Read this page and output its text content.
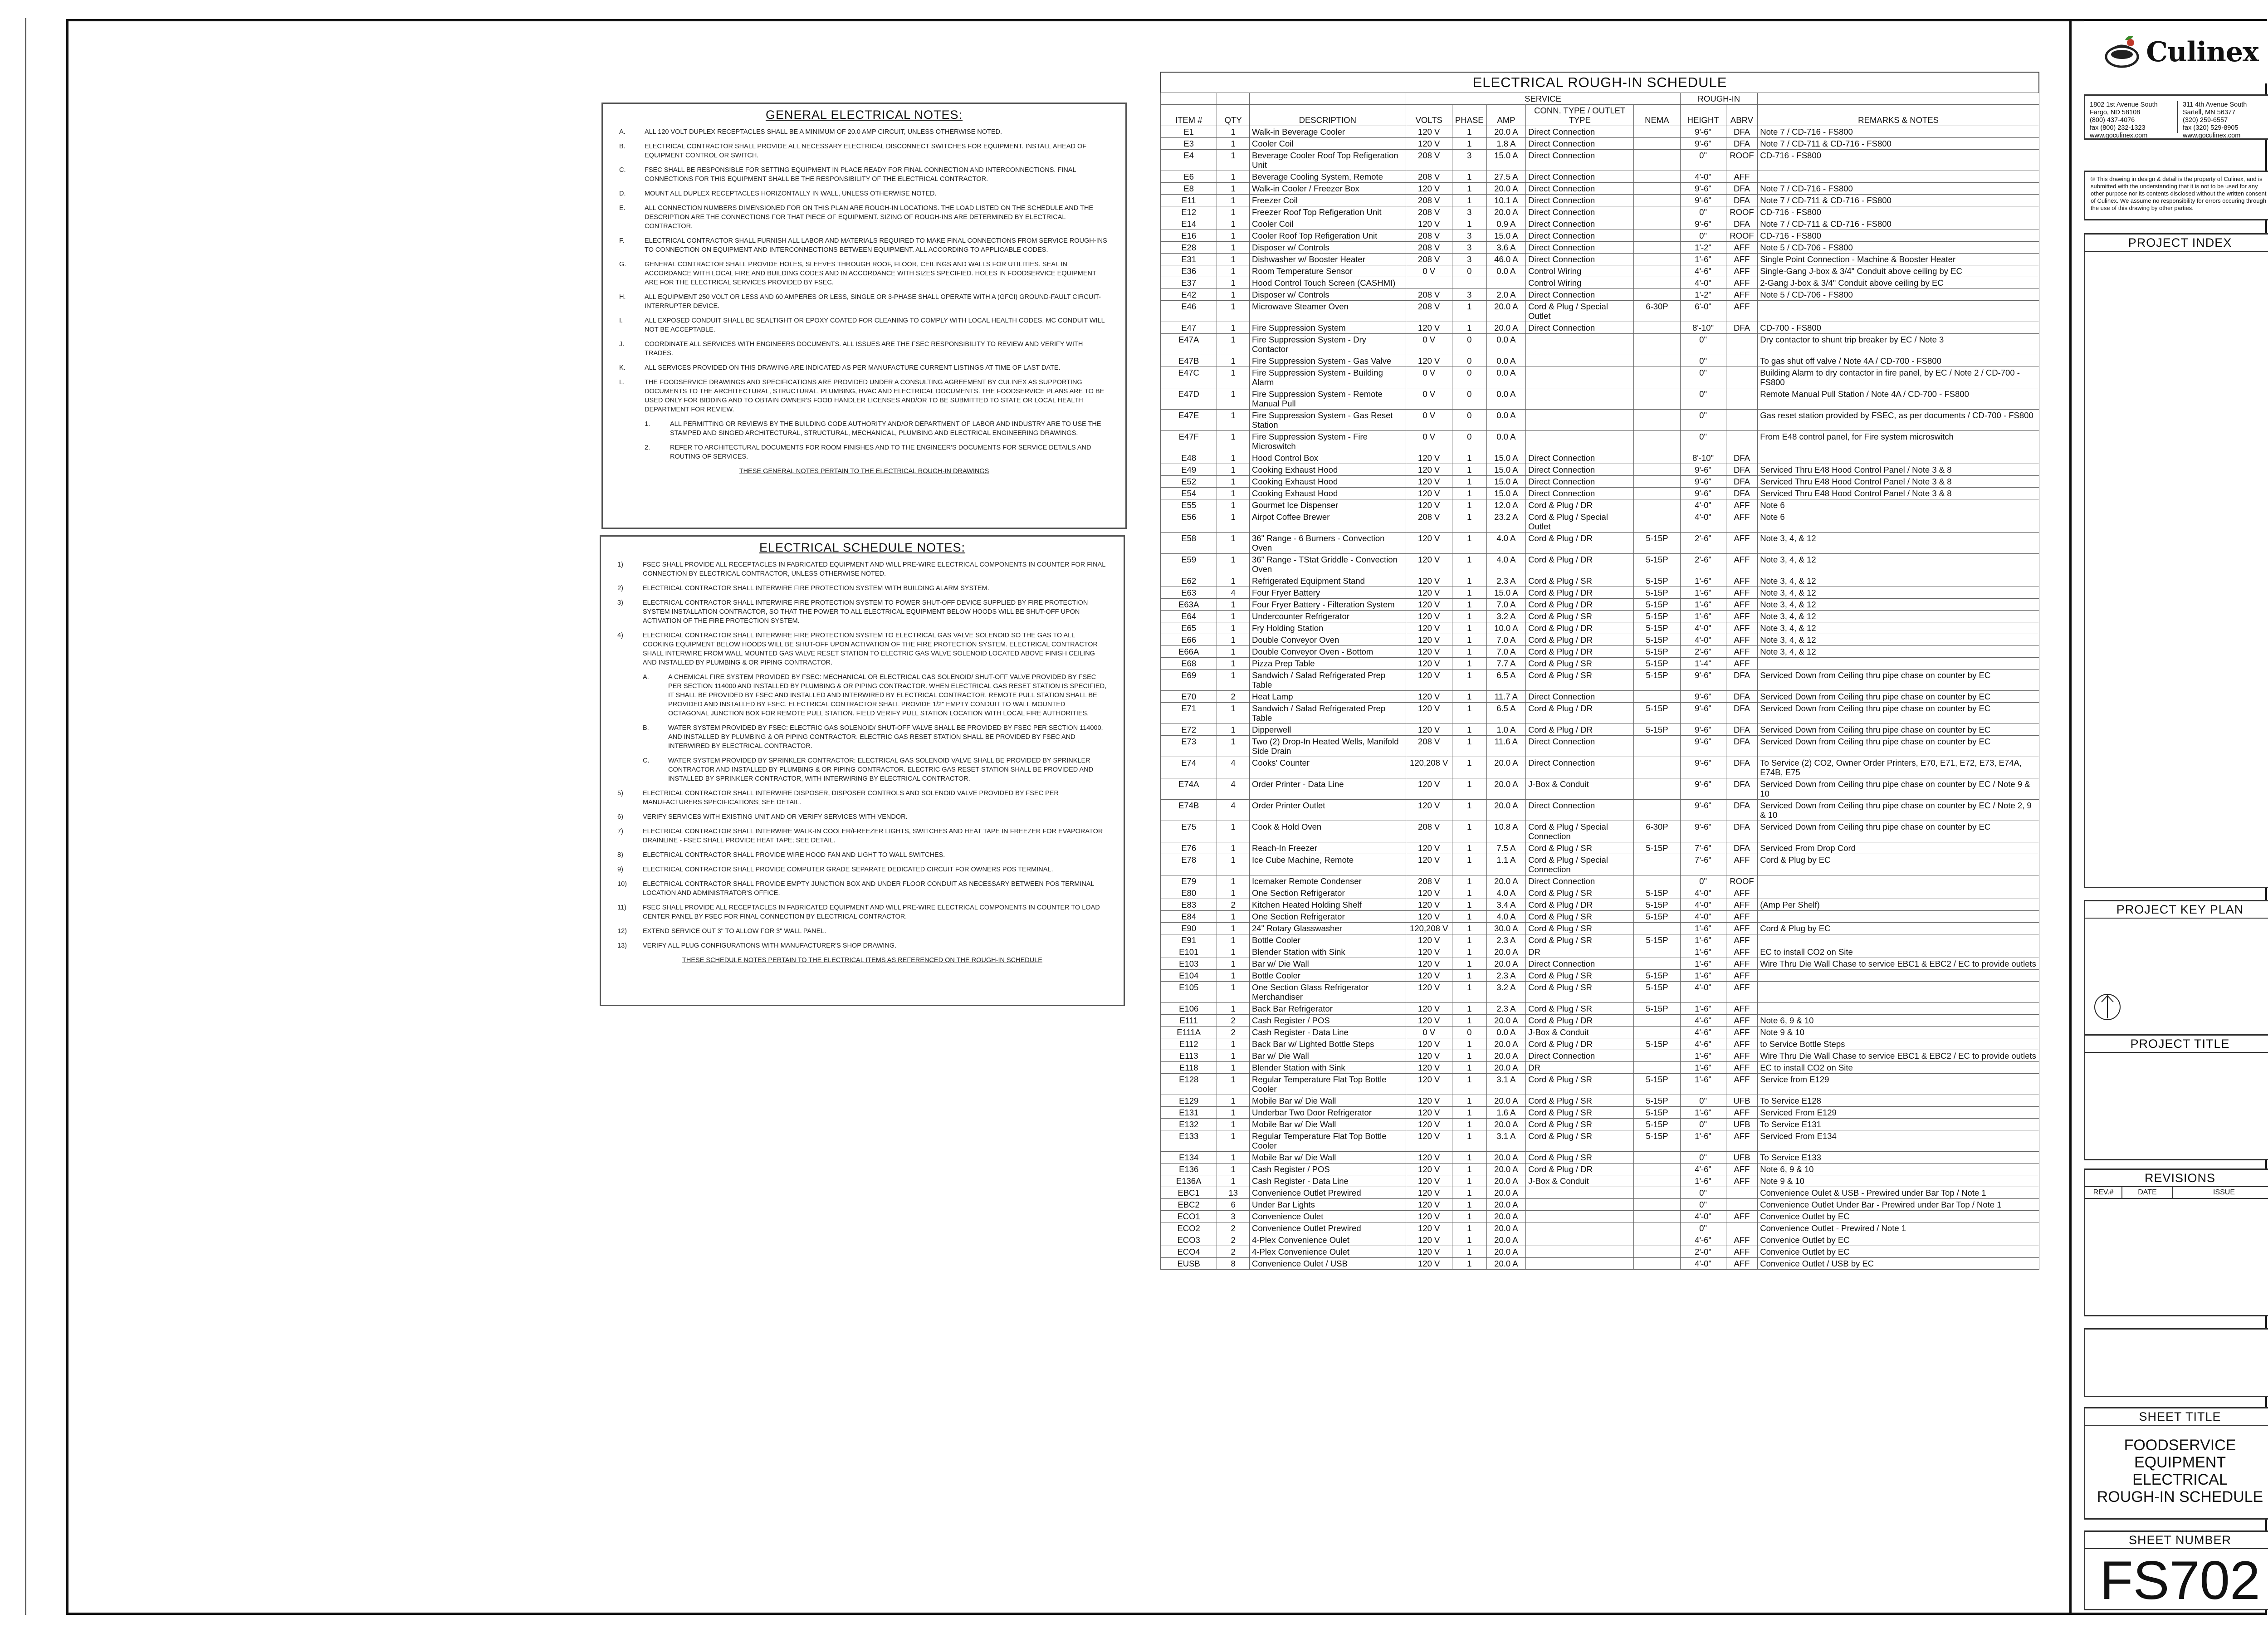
GENERAL ELECTRICAL NOTES:
A.	ALL 120 VOLT DUPLEX RECEPTACLES SHALL BE A MINIMUM OF 20.0 AMP CIRCUIT, UNLESS OTHERWISE NOTED.
B.	ELECTRICAL CONTRACTOR SHALL PROVIDE ALL NECESSARY ELECTRICAL DISCONNECT SWITCHES FOR EQUIPMENT. INSTALL AHEAD OF EQUIPMENT CONTROL OR SWITCH.
C.	FSEC SHALL BE RESPONSIBLE FOR SETTING EQUIPMENT IN PLACE READY FOR FINAL CONNECTION AND INTERCONNECTIONS. FINAL CONNECTIONS FOR THIS EQUIPMENT SHALL BE THE RESPONSIBILITY OF THE ELECTRICAL CONTRACTOR.
D.	MOUNT ALL DUPLEX RECEPTACLES HORIZONTALLY IN WALL, UNLESS OTHERWISE NOTED.
E.	ALL CONNECTION NUMBERS DIMENSIONED FOR ON THIS PLAN ARE ROUGH-IN LOCATIONS. THE LOAD LISTED ON THE SCHEDULE AND THE DESCRIPTION ARE THE CONNECTIONS FOR THAT PIECE OF EQUIPMENT. SIZING OF ROUGH-INS ARE DETERMINED BY ELECTRICAL CONTRACTOR.
F.	ELECTRICAL CONTRACTOR SHALL FURNISH ALL LABOR AND MATERIALS REQUIRED TO MAKE FINAL CONNECTIONS FROM SERVICE ROUGH-INS TO CONNECTION ON EQUIPMENT AND INTERCONNECTIONS BETWEEN EQUIPMENT. ALL ACCORDING TO APPLICABLE CODES.
G.	GENERAL CONTRACTOR SHALL PROVIDE HOLES, SLEEVES THROUGH ROOF, FLOOR, CEILINGS AND WALLS FOR UTILITIES. SEAL IN ACCORDANCE WITH LOCAL FIRE AND BUILDING CODES AND IN ACCORDANCE WITH SIZES SPECIFIED. HOLES IN FOODSERVICE EQUIPMENT ARE FOR THE ELECTRICAL SERVICES PROVIDED BY FSEC.
H.	ALL EQUIPMENT 250 VOLT OR LESS AND 60 AMPERES OR LESS, SINGLE OR 3-PHASE SHALL OPERATE WITH A (GFCI) GROUND-FAULT CIRCUIT-INTERRUPTER DEVICE.
I.	ALL EXPOSED CONDUIT SHALL BE SEALTIGHT OR EPOXY COATED FOR CLEANING TO COMPLY WITH LOCAL HEALTH CODES. MC CONDUIT WILL NOT BE ACCEPTABLE.
J.	COORDINATE ALL SERVICES WITH ENGINEERS DOCUMENTS. ALL ISSUES ARE THE FSEC RESPONSIBILITY TO REVIEW AND VERIFY WITH TRADES.
K.	ALL SERVICES PROVIDED ON THIS DRAWING ARE INDICATED AS PER MANUFACTURE CURRENT LISTINGS AT TIME OF LAST DATE.
L.	THE FOODSERVICE DRAWINGS AND SPECIFICATIONS ARE PROVIDED UNDER A CONSULTING AGREEMENT BY CULINEX AS SUPPORTING DOCUMENTS TO THE ARCHITECTURAL, STRUCTURAL, PLUMBING, HVAC AND ELECTRICAL DOCUMENTS. THE FOODSERVICE PLANS ARE TO BE USED ONLY FOR BIDDING AND TO OBTAIN OWNER'S FOOD HANDLER LICENSES AND/OR TO BE SUBMITTED TO STATE OR LOCAL HEALTH DEPARTMENT FOR REVIEW.
1.	ALL PERMITTING OR REVIEWS BY THE BUILDING CODE AUTHORITY AND/OR DEPARTMENT OF LABOR AND INDUSTRY ARE TO USE THE STAMPED AND SINGED ARCHITECTURAL, STRUCTURAL, MECHANICAL, PLUMBING AND ELECTRICAL ENGINEERING DRAWINGS.
2.	REFER TO ARCHITECTURAL DOCUMENTS FOR ROOM FINISHES AND TO THE ENGINEER'S DOCUMENTS FOR SERVICE DETAILS AND ROUTING OF SERVICES.
THESE GENERAL NOTES PERTAIN TO THE ELECTRICAL ROUGH-IN DRAWINGS
ELECTRICAL SCHEDULE NOTES:
1)	FSEC SHALL PROVIDE ALL RECEPTACLES IN FABRICATED EQUIPMENT AND WILL PRE-WIRE ELECTRICAL COMPONENTS IN COUNTER FOR FINAL CONNECTION BY ELECTRICAL CONTRACTOR, UNLESS OTHERWISE NOTED.
2)	ELECTRICAL CONTRACTOR SHALL INTERWIRE FIRE PROTECTION SYSTEM WITH BUILDING ALARM SYSTEM.
3)	ELECTRICAL CONTRACTOR SHALL INTERWIRE FIRE PROTECTION SYSTEM TO POWER SHUT-OFF DEVICE SUPPLIED BY FIRE PROTECTION SYSTEM INSTALLATION CONTRACTOR, SO THAT THE POWER TO ALL ELECTRICAL EQUIPMENT BELOW HOODS WILL BE SHUT-OFF UPON ACTIVATION OF THE FIRE PROTECTION SYSTEM.
4)	ELECTRICAL CONTRACTOR SHALL INTERWIRE FIRE PROTECTION SYSTEM TO ELECTRICAL GAS VALVE SOLENOID SO THE GAS TO ALL COOKING EQUIPMENT BELOW HOODS WILL BE SHUT-OFF UPON ACTIVATION OF THE FIRE PROTECTION SYSTEM. ELECTRICAL CONTRACTOR SHALL INTERWIRE FROM WALL MOUNTED GAS VALVE RESET STATION TO ELECTRIC GAS VALVE SOLENOID LOCATED ABOVE FINISH CEILING AND INSTALLED BY PLUMBING & OR PIPING CONTRACTOR.
A.	A CHEMICAL FIRE SYSTEM PROVIDED BY FSEC: MECHANICAL OR ELECTRICAL GAS SOLENOID/ SHUT-OFF VALVE PROVIDED BY FSEC PER SECTION 114000 AND INSTALLED BY PLUMBING & OR PIPING CONTRACTOR. WHEN ELECTRICAL GAS RESET STATION IS SPECIFIED, IT SHALL BE PROVIDED BY FSEC AND INSTALLED AND INTERWIRED BY ELECTRICAL CONTRACTOR. REMOTE PULL STATION SHALL BE PROVIDED AND INSTALLED BY FSEC. ELECTRICAL CONTRACTOR SHALL PROVIDE 1/2" EMPTY CONDUIT TO WALL MOUNTED OCTAGONAL JUNCTION BOX FOR REMOTE PULL STATION. FIELD VERIFY PULL STATION LOCATION WITH LOCAL FIRE AUTHORITIES.
B.	WATER SYSTEM PROVIDED BY FSEC: ELECTRIC GAS SOLENOID/ SHUT-OFF VALVE SHALL BE PROVIDED BY FSEC PER SECTION 114000, AND INSTALLED BY PLUMBING & OR PIPING CONTRACTOR. ELECTRIC GAS RESET STATION SHALL BE PROVIDED BY FSEC AND INTERWIRED BY ELECTRICAL CONTRACTOR.
C.	WATER SYSTEM PROVIDED BY SPRINKLER CONTRACTOR: ELECTRICAL GAS SOLENOID VALVE SHALL BE PROVIDED BY SPRINKLER CONTRACTOR AND INSTALLED BY PLUMBING & OR PIPING CONTRACTOR. ELECTRIC GAS RESET STATION SHALL BE PROVIDED AND INSTALLED BY SPRINKLER CONTRACTOR, WITH INTERWIRING BY ELECTRICAL CONTRACTOR.
5)	ELECTRICAL CONTRACTOR SHALL INTERWIRE DISPOSER, DISPOSER CONTROLS AND SOLENOID VALVE PROVIDED BY FSEC PER MANUFACTURERS SPECIFICATIONS; SEE DETAIL.
6)	VERIFY SERVICES WITH EXISTING UNIT AND OR VERIFY SERVICES WITH VENDOR.
7)	ELECTRICAL CONTRACTOR SHALL INTERWIRE WALK-IN COOLER/FREEZER LIGHTS, SWITCHES AND HEAT TAPE IN FREEZER FOR EVAPORATOR DRAINLINE - FSEC SHALL PROVIDE HEAT TAPE; SEE DETAIL.
8)	ELECTRICAL CONTRACTOR SHALL PROVIDE WIRE HOOD FAN AND LIGHT TO WALL SWITCHES.
9)	ELECTRICAL CONTRACTOR SHALL PROVIDE COMPUTER GRADE SEPARATE DEDICATED CIRCUIT FOR OWNERS POS TERMINAL.
10)	ELECTRICAL CONTRACTOR SHALL PROVIDE EMPTY JUNCTION BOX AND UNDER FLOOR CONDUIT AS NECESSARY BETWEEN POS TERMINAL LOCATION AND ADMINISTRATOR'S OFFICE.
11)	FSEC SHALL PROVIDE ALL RECEPTACLES IN FABRICATED EQUIPMENT AND WILL PRE-WIRE ELECTRICAL COMPONENTS IN COUNTER TO LOAD CENTER PANEL BY FSEC FOR FINAL CONNECTION BY ELECTRICAL CONTRACTOR.
12)	EXTEND SERVICE OUT 3" TO ALLOW FOR 3" WALL PANEL.
13)	VERIFY ALL PLUG CONFIGURATIONS WITH MANUFACTURER'S SHOP DRAWING.
THESE SCHEDULE NOTES PERTAIN TO THE ELECTRICAL ITEMS AS REFERENCED ON THE ROUGH-IN SCHEDULE
ELECTRICAL ROUGH-IN SCHEDULE
			SERVICE					ROUGH-IN		
ITEM #	QTY	DESCRIPTION	VOLTS	PHASE	AMP	CONN. TYPE / OUTLET TYPE	NEMA	HEIGHT	ABRV	REMARKS & NOTES
E1	1	Walk-in Beverage Cooler	120 V	1	20.0 A	Direct Connection		9'-6"	DFA	Note 7 / CD-716 - FS800
E3	1	Cooler Coil	120 V	1	1.8 A	Direct Connection		9'-6"	DFA	Note 7 / CD-711 & CD-716 - FS800
E4	1	Beverage Cooler Roof Top Refigeration Unit	208 V	3	15.0 A	Direct Connection		0"	ROOF	CD-716 - FS800
E6	1	Beverage Cooling System, Remote	208 V	1	27.5 A	Direct Connection		4'-0"	AFF	
E8	1	Walk-in Cooler / Freezer Box	120 V	1	20.0 A	Direct Connection		9'-6"	DFA	Note 7 / CD-716 - FS800
E11	1	Freezer Coil	208 V	1	10.1 A	Direct Connection		9'-6"	DFA	Note 7 / CD-711 & CD-716 - FS800
E12	1	Freezer Roof Top Refigeration Unit	208 V	3	20.0 A	Direct Connection		0"	ROOF	CD-716 - FS800
E14	1	Cooler Coil	120 V	1	0.9 A	Direct Connection		9'-6"	DFA	Note 7 / CD-711 & CD-716 - FS800
E16	1	Cooler Roof Top Refigeration Unit	208 V	3	15.0 A	Direct Connection		0"	ROOF	CD-716 - FS800
E28	1	Disposer w/ Controls	208 V	3	3.6 A	Direct Connection		1'-2"	AFF	Note 5 / CD-706 - FS800
E31	1	Dishwasher w/ Booster Heater	208 V	3	46.0 A	Direct Connection		1'-6"	AFF	Single Point Connection - Machine & Booster Heater
E36	1	Room Temperature Sensor	0 V	0	0.0 A	Control Wiring		4'-6"	AFF	Single-Gang J-box & 3/4" Conduit above ceiling by EC
E37	1	Hood Control Touch Screen (CASHMI)				Control Wiring		4'-0"	AFF	2-Gang J-box & 3/4" Conduit above ceiling by EC
E42	1	Disposer w/ Controls	208 V	3	2.0 A	Direct Connection		1'-2"	AFF	Note 5 / CD-706 - FS800
E46	1	Microwave Steamer Oven	208 V	1	20.0 A	Cord & Plug / Special Outlet	6-30P	6'-0"	AFF	
E47	1	Fire Suppression System	120 V	1	20.0 A	Direct Connection		8'-10"	DFA	CD-700 - FS800
E47A	1	Fire Suppression System - Dry Contactor	0 V	0	0.0 A			0"		Dry contactor to shunt trip breaker by EC / Note 3
E47B	1	Fire Suppression System - Gas Valve	120 V	0	0.0 A			0"		To gas shut off valve / Note 4A / CD-700 - FS800
E47C	1	Fire Suppression System - Building Alarm	0 V	0	0.0 A			0"		Building Alarm to dry contactor in fire panel, by EC / Note 2 / CD-700 - FS800
E47D	1	Fire Suppression System - Remote Manual Pull	0 V	0	0.0 A			0"		Remote Manual Pull Station / Note 4A / CD-700 - FS800
E47E	1	Fire Suppression System - Gas Reset Station	0 V	0	0.0 A			0"		Gas reset station provided by FSEC, as per documents / CD-700 - FS800
E47F	1	Fire Suppression System - Fire Microswitch	0 V	0	0.0 A			0"		From E48 control panel, for Fire system microswitch
E48	1	Hood Control Box	120 V	1	15.0 A	Direct Connection		8'-10"	DFA	
E49	1	Cooking Exhaust Hood	120 V	1	15.0 A	Direct Connection		9'-6"	DFA	Serviced Thru E48 Hood Control Panel / Note 3 & 8
E52	1	Cooking Exhaust Hood	120 V	1	15.0 A	Direct Connection		9'-6"	DFA	Serviced Thru E48 Hood Control Panel / Note 3 & 8
E54	1	Cooking Exhaust Hood	120 V	1	15.0 A	Direct Connection		9'-6"	DFA	Serviced Thru E48 Hood Control Panel / Note 3 & 8
E55	1	Gourmet Ice Dispenser	120 V	1	12.0 A	Cord & Plug / DR		4'-0"	AFF	Note 6
E56	1	Airpot Coffee Brewer	208 V	1	23.2 A	Cord & Plug / Special Outlet		4'-0"	AFF	Note 6
E58	1	36" Range - 6 Burners - Convection Oven	120 V	1	4.0 A	Cord & Plug / DR	5-15P	2'-6"	AFF	Note 3, 4, & 12
E59	1	36" Range - TStat Griddle - Convection Oven	120 V	1	4.0 A	Cord & Plug / DR	5-15P	2'-6"	AFF	Note 3, 4, & 12
E62	1	Refrigerated Equipment Stand	120 V	1	2.3 A	Cord & Plug / SR	5-15P	1'-6"	AFF	Note 3, 4, & 12
E63	4	Four Fryer Battery	120 V	1	15.0 A	Cord & Plug / DR	5-15P	1'-6"	AFF	Note 3, 4, & 12
E63A	1	Four Fryer Battery - Filteration System	120 V	1	7.0 A	Cord & Plug / DR	5-15P	1'-6"	AFF	Note 3, 4, & 12
E64	1	Undercounter Refrigerator	120 V	1	3.2 A	Cord & Plug / SR	5-15P	1'-6"	AFF	Note 3, 4, & 12
E65	1	Fry Holding Station	120 V	1	10.0 A	Cord & Plug / DR	5-15P	4'-0"	AFF	Note 3, 4, & 12
E66	1	Double Conveyor Oven	120 V	1	7.0 A	Cord & Plug / DR	5-15P	4'-0"	AFF	Note 3, 4, & 12
E66A	1	Double Conveyor Oven - Bottom	120 V	1	7.0 A	Cord & Plug / DR	5-15P	2'-6"	AFF	Note 3, 4, & 12
E68	1	Pizza Prep Table	120 V	1	7.7 A	Cord & Plug / SR	5-15P	1'-4"	AFF	
E69	1	Sandwich / Salad Refrigerated Prep Table	120 V	1	6.5 A	Cord & Plug / SR	5-15P	9'-6"	DFA	Serviced Down from Ceiling thru pipe chase on counter by EC
E70	2	Heat Lamp	120 V	1	11.7 A	Direct Connection		9'-6"	DFA	Serviced Down from Ceiling thru pipe chase on counter by EC
E71	1	Sandwich / Salad Refrigerated Prep Table	120 V	1	6.5 A	Cord & Plug / DR	5-15P	9'-6"	DFA	Serviced Down from Ceiling thru pipe chase on counter by EC
E72	1	Dipperwell	120 V	1	1.0 A	Cord & Plug / DR	5-15P	9'-6"	DFA	Serviced Down from Ceiling thru pipe chase on counter by EC
E73	1	Two (2) Drop-In Heated Wells, Manifold Side Drain	208 V	1	11.6 A	Direct Connection		9'-6"	DFA	Serviced Down from Ceiling thru pipe chase on counter by EC
E74	4	Cooks' Counter	120,208 V	1	20.0 A	Direct Connection		9'-6"	DFA	To Service (2) CO2, Owner Order Printers, E70, E71, E72, E73, E74A, E74B, E75
E74A	4	Order Printer - Data Line	120 V	1	20.0 A	J-Box & Conduit		9'-6"	DFA	Serviced Down from Ceiling thru pipe chase on counter by EC / Note 9 & 10
E74B	4	Order Printer Outlet	120 V	1	20.0 A	Direct Connection		9'-6"	DFA	Serviced Down from Ceiling thru pipe chase on counter by EC / Note 2, 9 & 10
E75	1	Cook & Hold Oven	208 V	1	10.8 A	Cord & Plug / Special Connection	6-30P	9'-6"	DFA	Serviced Down from Ceiling thru pipe chase on counter by EC
E76	1	Reach-In Freezer	120 V	1	7.5 A	Cord & Plug / SR	5-15P	7'-6"	DFA	Serviced From Drop Cord
E78	1	Ice Cube Machine, Remote	120 V	1	1.1 A	Cord & Plug / Special Connection		7'-6"	AFF	Cord & Plug by EC
E79	1	Icemaker Remote Condenser	208 V	1	20.0 A	Direct Connection		0"	ROOF	
E80	1	One Section Refrigerator	120 V	1	4.0 A	Cord & Plug / SR	5-15P	4'-0"	AFF	
E83	2	Kitchen Heated Holding Shelf	120 V	1	3.4 A	Cord & Plug / DR	5-15P	4'-0"	AFF	(Amp Per Shelf)
E84	1	One Section Refrigerator	120 V	1	4.0 A	Cord & Plug / SR	5-15P	4'-0"	AFF	
E90	1	24" Rotary Glasswasher	120,208 V	1	30.0 A	Cord & Plug / SR		1'-6"	AFF	Cord & Plug by EC
E91	1	Bottle Cooler	120 V	1	2.3 A	Cord & Plug / SR	5-15P	1'-6"	AFF	
E101	1	Blender Station with Sink	120 V	1	20.0 A	DR		1'-6"	AFF	EC to install CO2 on Site
E103	1	Bar w/ Die Wall	120 V	1	20.0 A	Direct Connection		1'-6"	AFF	Wire Thru Die Wall Chase to service EBC1 & EBC2 / EC to provide outlets
E104	1	Bottle Cooler	120 V	1	2.3 A	Cord & Plug / SR	5-15P	1'-6"	AFF	
E105	1	One Section Glass Refrigerator Merchandiser	120 V	1	3.2 A	Cord & Plug / SR	5-15P	4'-0"	AFF	
E106	1	Back Bar Refrigerator	120 V	1	2.3 A	Cord & Plug / SR	5-15P	1'-6"	AFF	
E111	2	Cash Register / POS	120 V	1	20.0 A	Cord & Plug / DR		4'-6"	AFF	Note 6, 9 & 10
E111A	2	Cash Register - Data Line	0 V	0	0.0 A	J-Box & Conduit		4'-6"	AFF	Note 9 & 10
E112	1	Back Bar w/ Lighted Bottle Steps	120 V	1	20.0 A	Cord & Plug / DR	5-15P	4'-6"	AFF	to Service Bottle Steps
E113	1	Bar w/ Die Wall	120 V	1	20.0 A	Direct Connection		1'-6"	AFF	Wire Thru Die Wall Chase to service EBC1 & EBC2 / EC to provide outlets
E118	1	Blender Station with Sink	120 V	1	20.0 A	DR		1'-6"	AFF	EC to install CO2 on Site
E128	1	Regular Temperature Flat Top Bottle Cooler	120 V	1	3.1 A	Cord & Plug / SR	5-15P	1'-6"	AFF	Service from E129
E129	1	Mobile Bar w/ Die Wall	120 V	1	20.0 A	Cord & Plug / SR	5-15P	0"	UFB	To Service E128
E131	1	Underbar Two Door Refrigerator	120 V	1	1.6 A	Cord & Plug / SR	5-15P	1'-6"	AFF	Serviced From E129
E132	1	Mobile Bar w/ Die Wall	120 V	1	20.0 A	Cord & Plug / SR	5-15P	0"	UFB	To Service E131
E133	1	Regular Temperature Flat Top Bottle Cooler	120 V	1	3.1 A	Cord & Plug / SR	5-15P	1'-6"	AFF	Serviced From E134
E134	1	Mobile Bar w/ Die Wall	120 V	1	20.0 A	Cord & Plug / SR		0"	UFB	To Service E133
E136	1	Cash Register / POS	120 V	1	20.0 A	Cord & Plug / DR		4'-6"	AFF	Note 6, 9 & 10
E136A	1	Cash Register - Data Line	120 V	1	20.0 A	J-Box & Conduit		1'-6"	AFF	Note 9 & 10
EBC1	13	Convenience Outlet Prewired	120 V	1	20.0 A			0"		Convenience Oulet & USB - Prewired under Bar Top / Note 1
EBC2	6	Under Bar Lights	120 V	1	20.0 A			0"		Convenience Outlet Under Bar - Prewired under Bar Top / Note 1
ECO1	3	Convenience Oulet	120 V	1	20.0 A			4'-0"	AFF	Convenice Outlet by EC
ECO2	2	Convenience Outlet Prewired	120 V	1	20.0 A			0"		Convenience Outlet - Prewired / Note 1
ECO3	2	4-Plex Convenience Oulet	120 V	1	20.0 A			4'-6"	AFF	Convenice Outlet by EC
ECO4	2	4-Plex Convenience Oulet	120 V	1	20.0 A			2'-0"	AFF	Convenice Outlet by EC
EUSB	8	Convenience Oulet / USB	120 V	1	20.0 A			4'-0"	AFF	Convenice Outlet / USB by EC
Culinex
1802 1st Avenue South
Fargo, ND 58108
(800) 437-4076
fax (800) 232-1323
www.goculinex.com
311 4th Avenue South
Sartell, MN 56377
(320) 259-6557
fax (320) 529-8905
www.goculinex.com
© This drawing in design & detail is the property of Culinex, and is submitted with the understanding that it is not to be used for any other purpose nor its contents disclosed without the written consent of Culinex. We assume no responsibility for errors occuring through the use of this drawing by other parties.
PROJECT INDEX
PROJECT KEY PLAN
PROJECT TITLE
REVISIONS
REV.#	DATE	ISSUE
SHEET TITLE
FOODSERVICE
EQUIPMENT ELECTRICAL
ROUGH-IN SCHEDULE
SHEET NUMBER
FS702
